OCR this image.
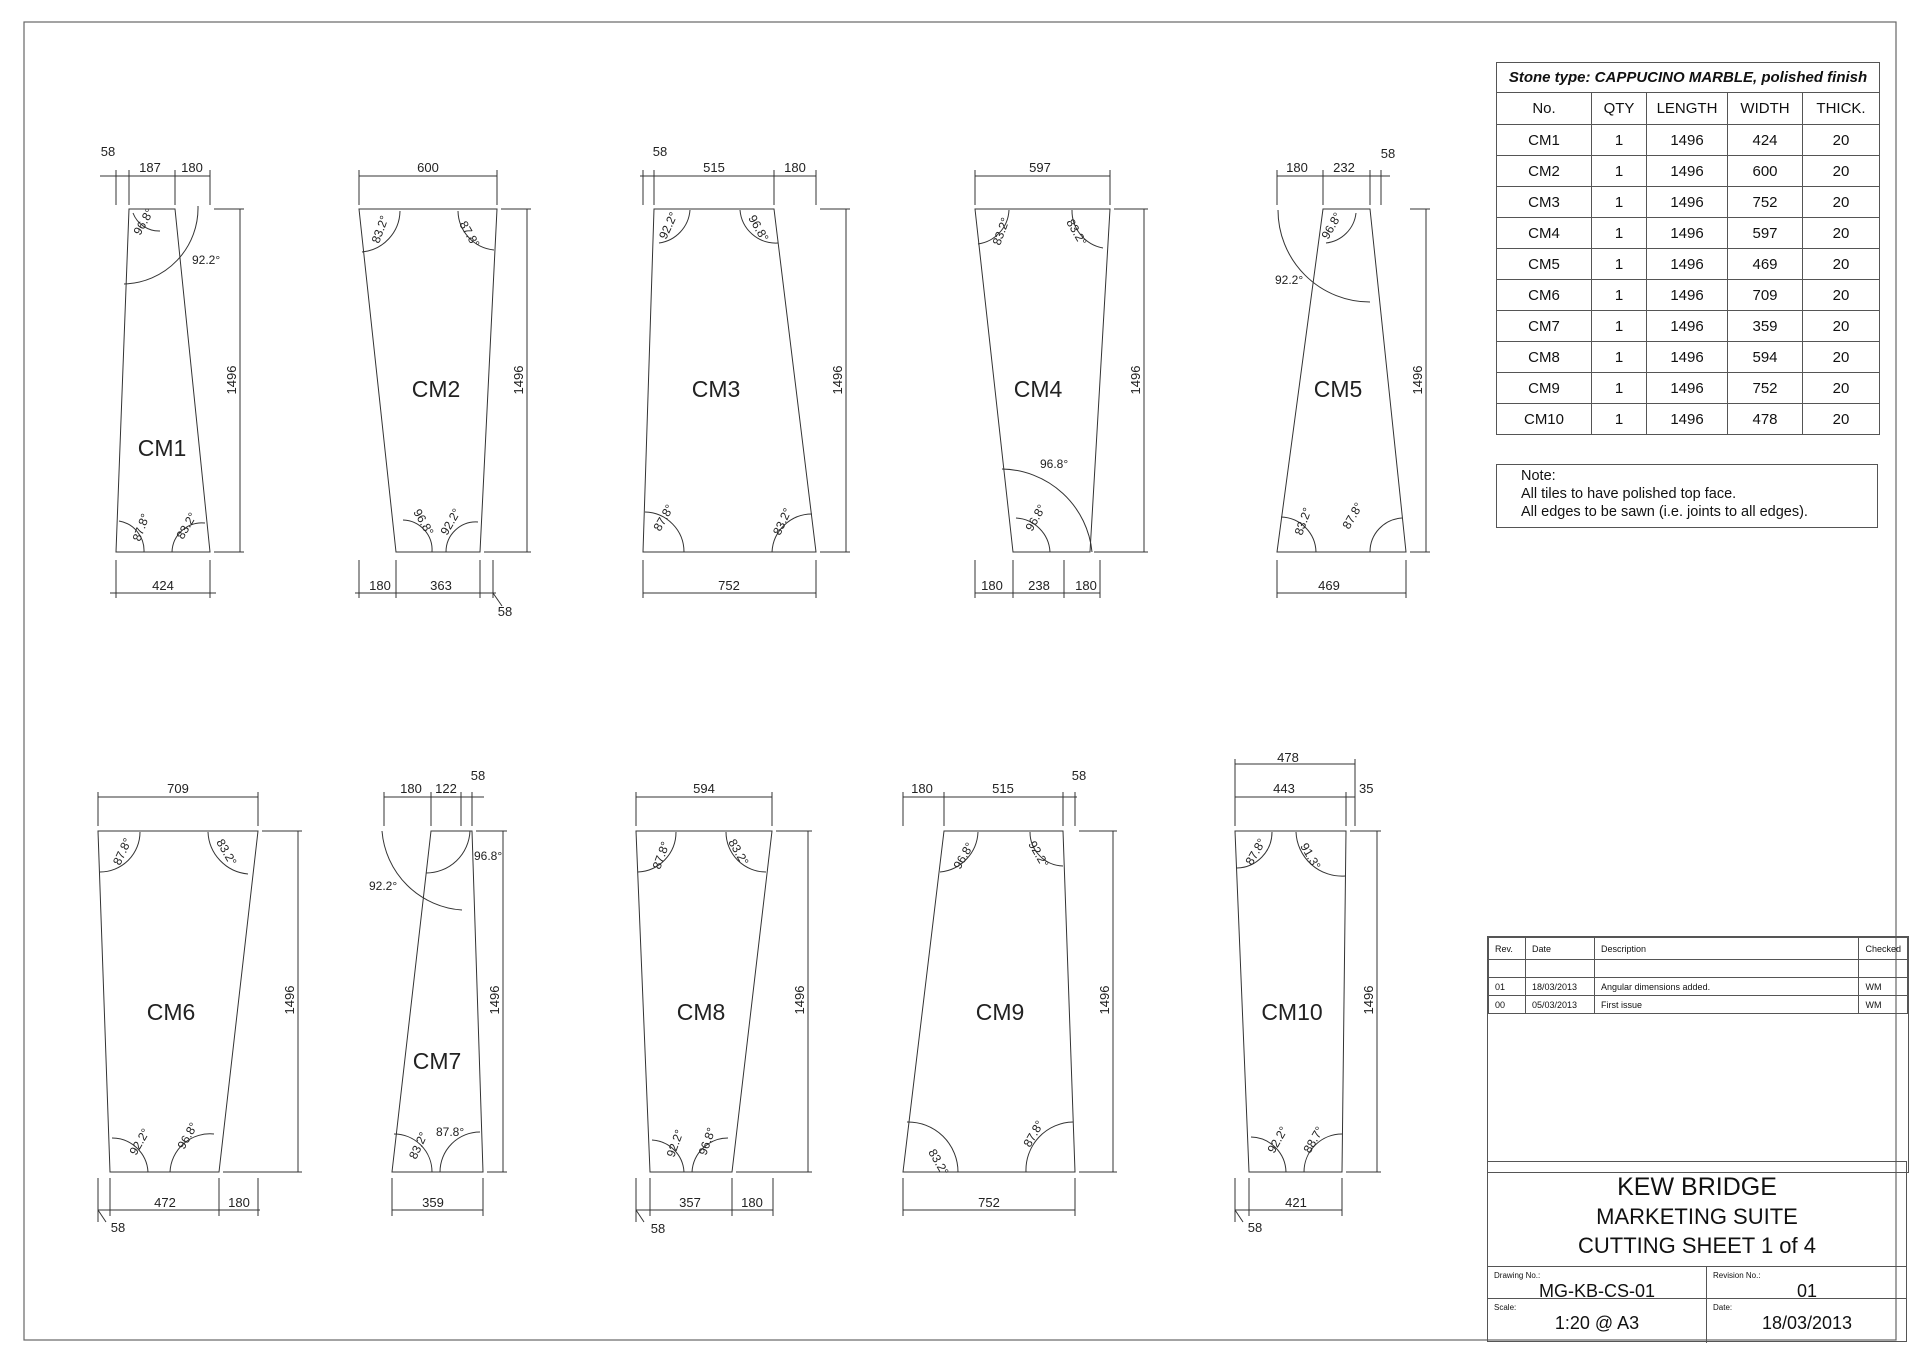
CM1
58
187 180
1496
424
96.8°
92.2°
87.8° 83.2°
CM2
600
1496
180	363
58
83.2°	87.8°
96.8° 92.2°
CM3
58
515	180
1496
752
92.2°	96.8°
87.8°	83.2°
CM4
597
1496
180 238 180
83.2°	83.2°
96.8°
96.8°
CM5
180 232
58
1496
469
96.8°
92.2°
83.2° 87.8°
CM6
709
1496
472	180
58
87.8°	83.2°
92.2° 96.8°
CM7
180 122
58
1496
359
96.8°
92.2°
83.2° 87.8°
CM8
594
1496
357	180
58
87.8°	83.2°
92.2° 96.8°
CM9
180	515
58
1496
752
96.8°	92.2°
83.2°
87.8°
CM10
478
443	35
1496
421
58
87.8° 91.3°
92.2° 88.7°
Stone type: CAPPUCINO MARBLE, polished finish
No.	QTY	LENGTH	WIDTH	THICK.
CM1	1	1496	424	20
CM2	1	1496	600	20
CM3	1	1496	752	20
CM4	1	1496	597	20
CM5	1	1496	469	20
CM6	1	1496	709	20
CM7	1	1496	359	20
CM8	1	1496	594	20
CM9	1	1496	752	20
CM10	1	1496	478	20
Note:
All tiles to have polished top face.
All edges to be sawn (i.e. joints to all edges).
Rev.	Date	Description	Checked

01	18/03/2013	Angular dimensions added.	WM
00	05/03/2013	First issue	WM
KEW BRIDGE
MARKETING SUITE
CUTTING SHEET 1 of 4
Drawing No.:
MG-KB-CS-01
Revision No.:
01
Scale:
1:20 @ A3
Date:
18/03/2013
